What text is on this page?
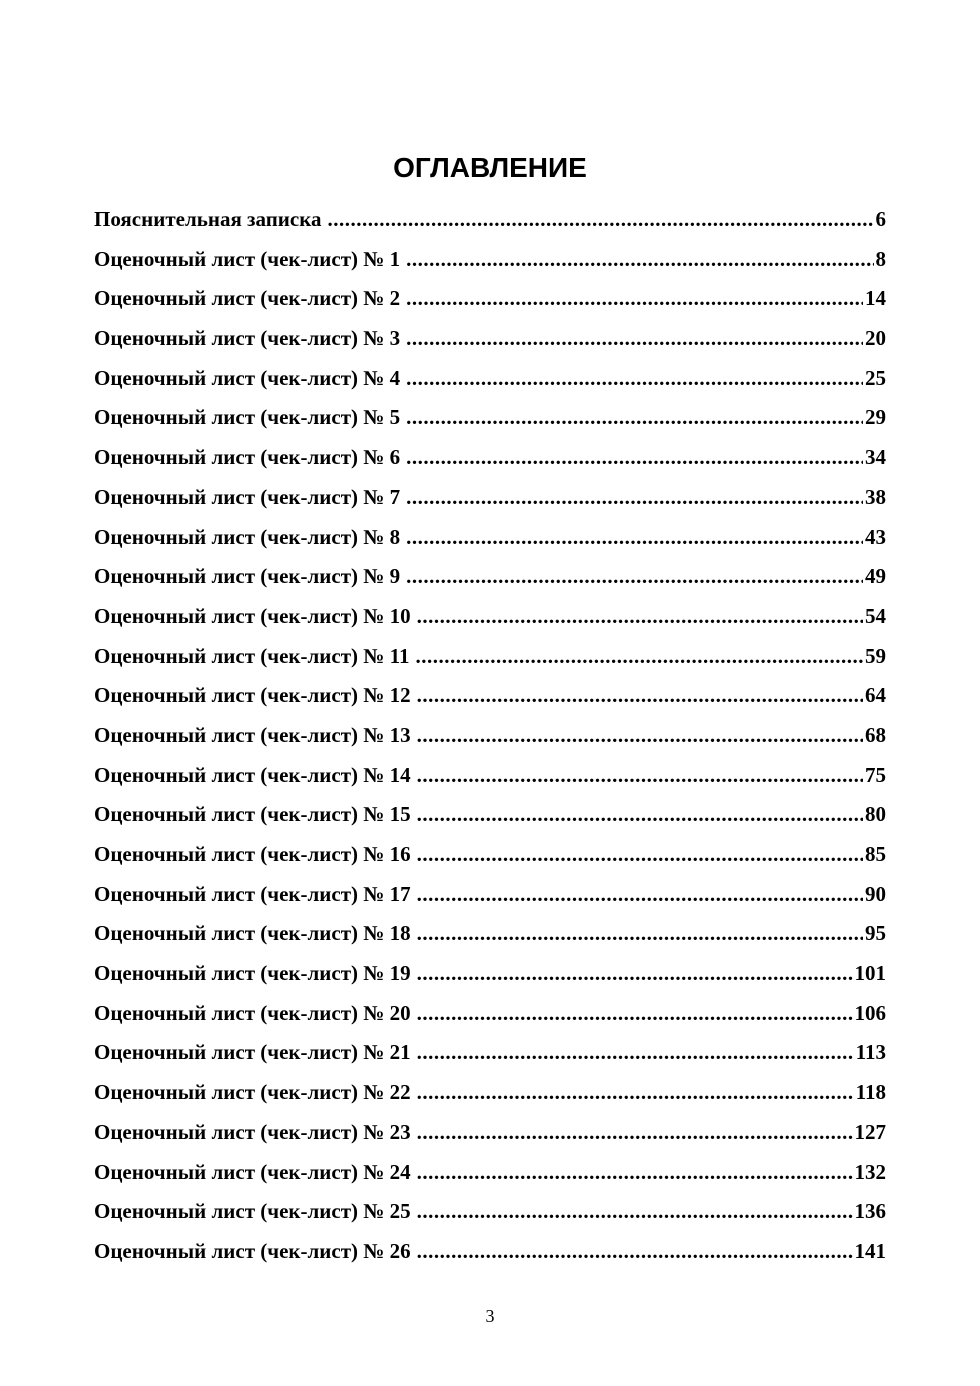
ОГЛАВЛЕНИЕ
Пояснительная записка .....	6
Оценочный лист (чек-лист) № 1 .....	8
Оценочный лист (чек-лист) № 2 .....	14
Оценочный лист (чек-лист) № 3 .....	20
Оценочный лист (чек-лист) № 4 .....	25
Оценочный лист (чек-лист) № 5 .....	29
Оценочный лист (чек-лист) № 6 .....	34
Оценочный лист (чек-лист) № 7 .....	38
Оценочный лист (чек-лист) № 8 .....	43
Оценочный лист (чек-лист) № 9 .....	49
Оценочный лист (чек-лист) № 10 .....	54
Оценочный лист (чек-лист) № 11 .....	59
Оценочный лист (чек-лист) № 12 .....	64
Оценочный лист (чек-лист) № 13 .....	68
Оценочный лист (чек-лист) № 14 .....	75
Оценочный лист (чек-лист) № 15 .....	80
Оценочный лист (чек-лист) № 16 .....	85
Оценочный лист (чек-лист) № 17 .....	90
Оценочный лист (чек-лист) № 18 .....	95
Оценочный лист (чек-лист) № 19 .....	101
Оценочный лист (чек-лист) № 20 .....	106
Оценочный лист (чек-лист) № 21 .....	113
Оценочный лист (чек-лист) № 22 .....	118
Оценочный лист (чек-лист) № 23 .....	127
Оценочный лист (чек-лист) № 24 .....	132
Оценочный лист (чек-лист) № 25 .....	136
Оценочный лист (чек-лист) № 26 .....	141
3
